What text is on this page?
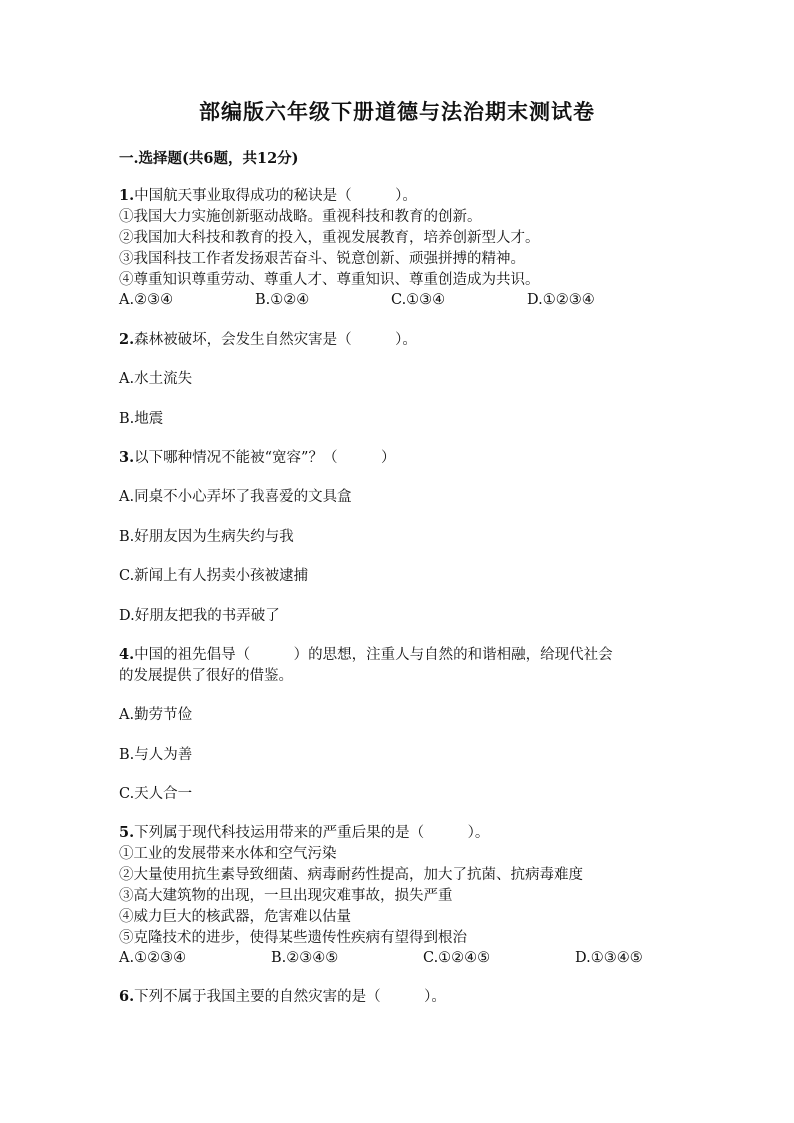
部编版六年级下册道德与法治期末测试卷
一.选择题(共6题，共12分)
1.中国航天事业取得成功的秘诀是（　　　）。
①我国大力实施创新驱动战略。重视科技和教育的创新。
②我国加大科技和教育的投入，重视发展教育，培养创新型人才。
③我国科技工作者发扬艰苦奋斗、锐意创新、顽强拼搏的精神。
④尊重知识尊重劳动、尊重人才、尊重知识、尊重创造成为共识。
A.②③④	B.①②④	C.①③④	D.①②③④
2.森林被破坏，会发生自然灾害是（　　　）。
A.水土流失
B.地震
3.以下哪种情况不能被“宽容”？（　　　）
A.同桌不小心弄坏了我喜爱的文具盒
B.好朋友因为生病失约与我
C.新闻上有人拐卖小孩被逮捕
D.好朋友把我的书弄破了
4.中国的祖先倡导（　　　）的思想，注重人与自然的和谐相融，给现代社会
的发展提供了很好的借鉴。
A.勤劳节俭
B.与人为善
C.天人合一
5.下列属于现代科技运用带来的严重后果的是（　　　）。
①工业的发展带来水体和空气污染
②大量使用抗生素导致细菌、病毒耐药性提高，加大了抗菌、抗病毒难度
③高大建筑物的出现，一旦出现灾难事故，损失严重
④威力巨大的核武器，危害难以估量
⑤克隆技术的进步，使得某些遗传性疾病有望得到根治
A.①②③④	B.②③④⑤	C.①②④⑤	D.①③④⑤
6.下列不属于我国主要的自然灾害的是（　　　）。
